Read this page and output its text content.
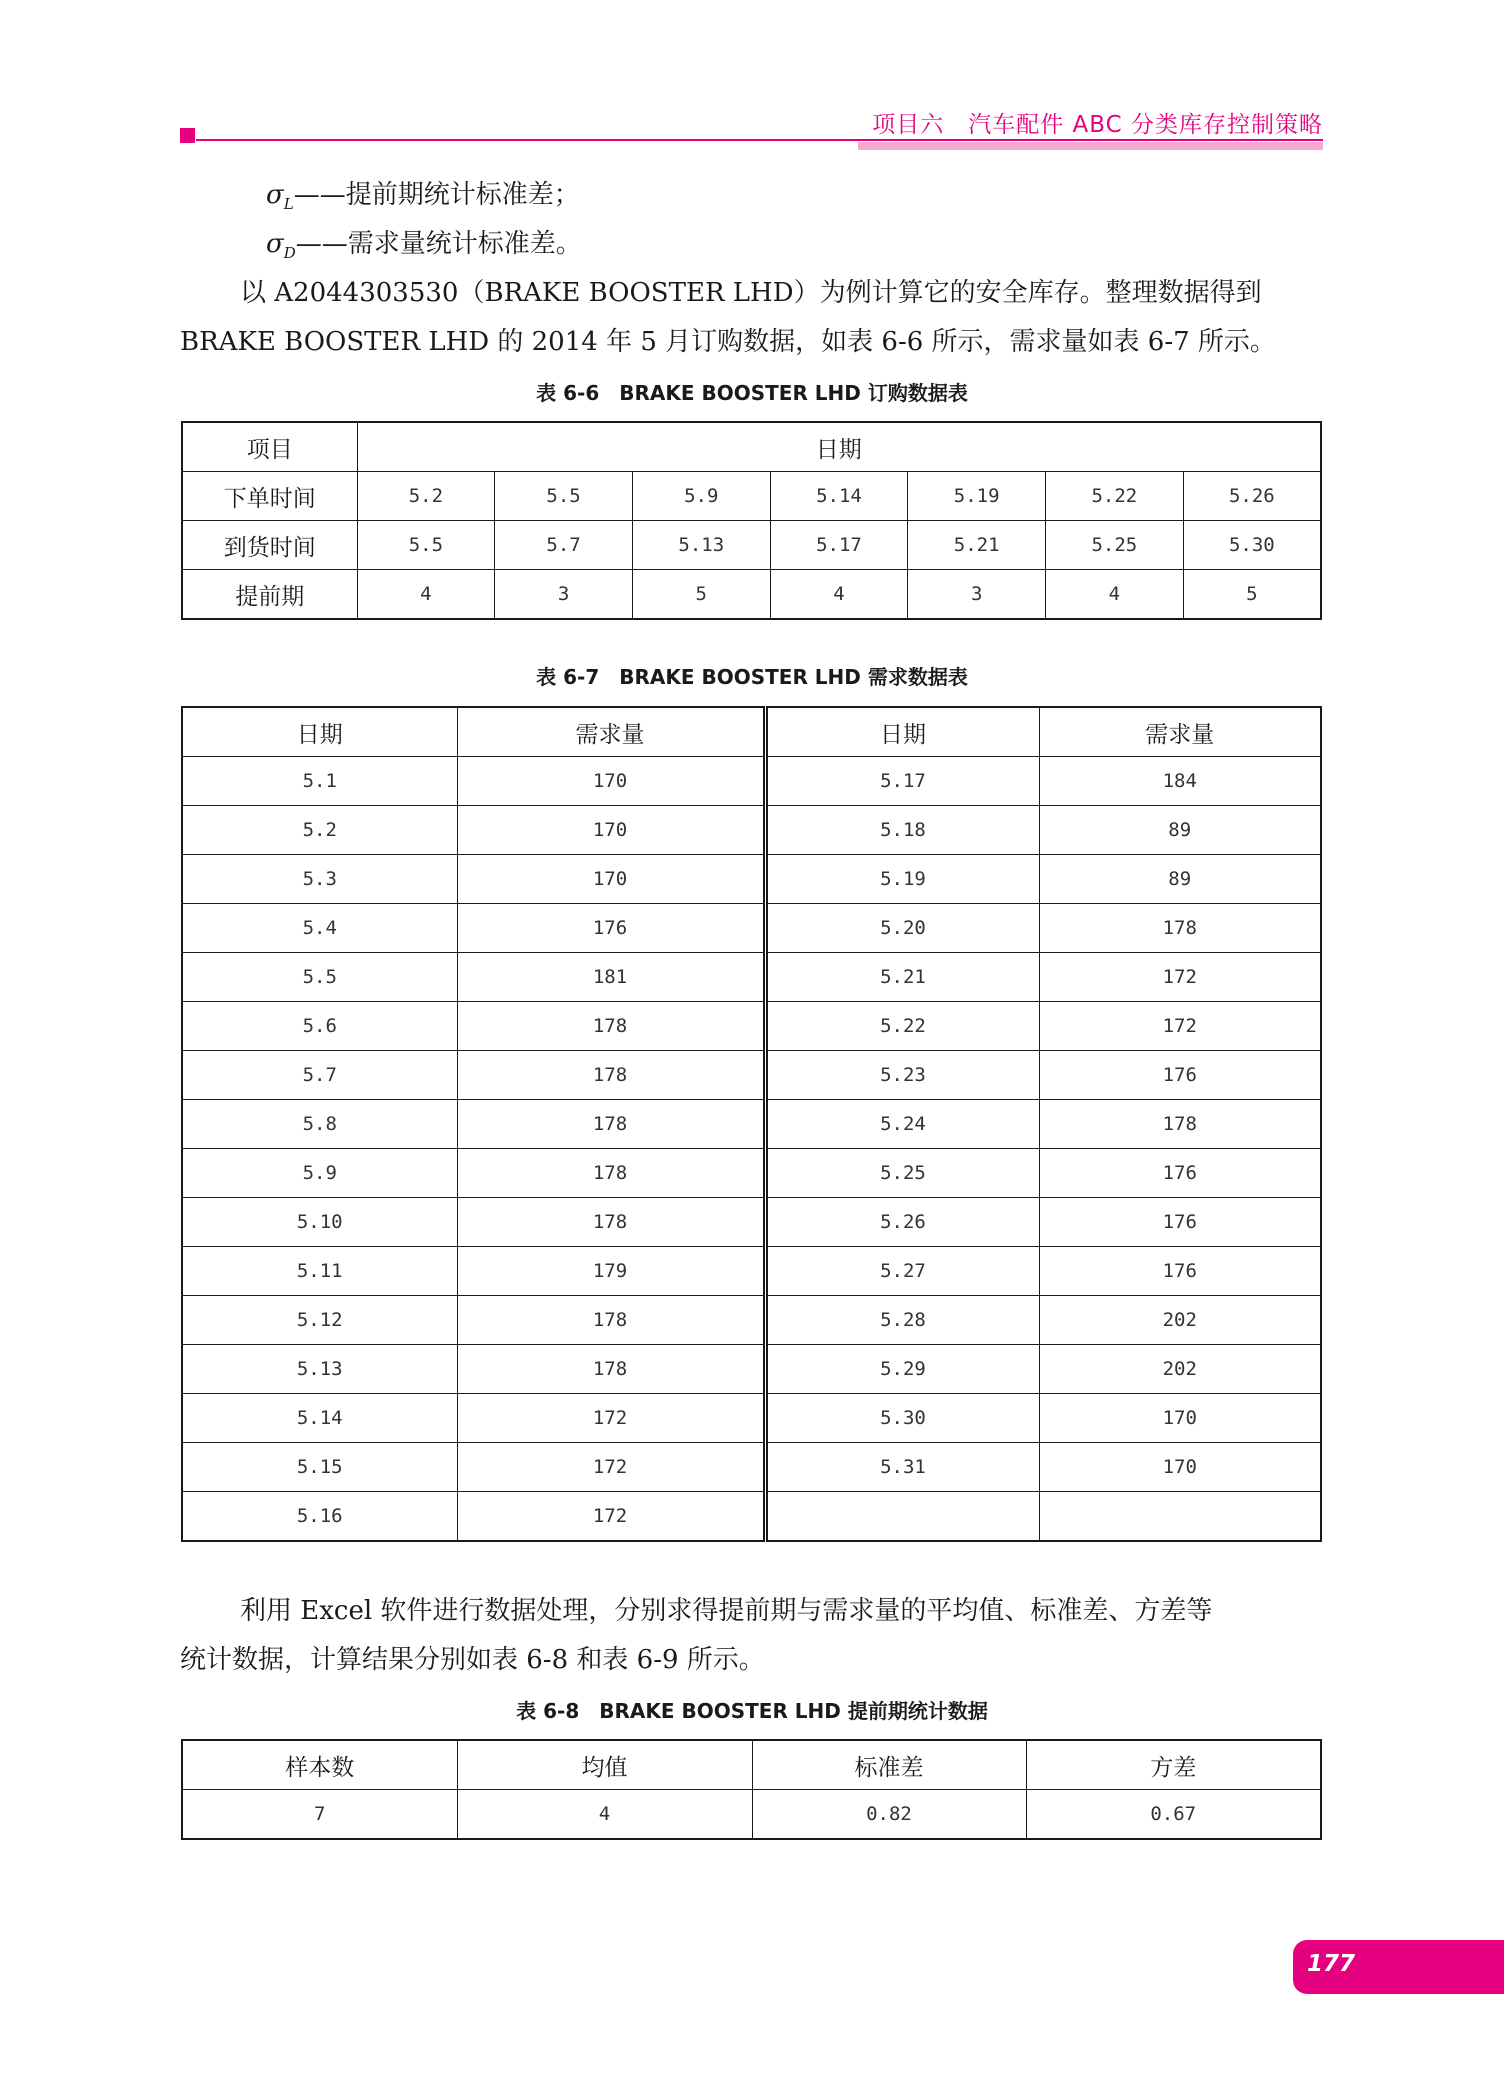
项目六　汽车配件 ABC 分类库存控制策略
$\sigma_L——$提前期统计标准差；
$\sigma_D——$需求量统计标准差。
以 A2044303530（BRAKE BOOSTER LHD）为例计算它的安全库存。整理数据得到
BRAKE BOOSTER LHD 的 2014 年 5 月订购数据，如表 6-6 所示，需求量如表 6-7 所示。
表 6-6　BRAKE BOOSTER LHD 订购数据表
项目	日期						
下单时间	5.2	5.5	5.9	5.14	5.19	5.22	5.26
到货时间	5.5	5.7	5.13	5.17	5.21	5.25	5.30
提前期	4	3	5	4	3	4	5
表 6-7　BRAKE BOOSTER LHD 需求数据表
日期	需求量	日期	需求量
5.1	170	5.17	184
5.2	170	5.18	89
5.3	170	5.19	89
5.4	176	5.20	178
5.5	181	5.21	172
5.6	178	5.22	172
5.7	178	5.23	176
5.8	178	5.24	178
5.9	178	5.25	176
5.10	178	5.26	176
5.11	179	5.27	176
5.12	178	5.28	202
5.13	178	5.29	202
5.14	172	5.30	170
5.15	172	5.31	170
5.16	172		
利用 Excel 软件进行数据处理，分别求得提前期与需求量的平均值、标准差、方差等
统计数据，计算结果分别如表 6-8 和表 6-9 所示。
表 6-8　BRAKE BOOSTER LHD 提前期统计数据
样本数	均值	标准差	方差
7	4	0.82	0.67
177
